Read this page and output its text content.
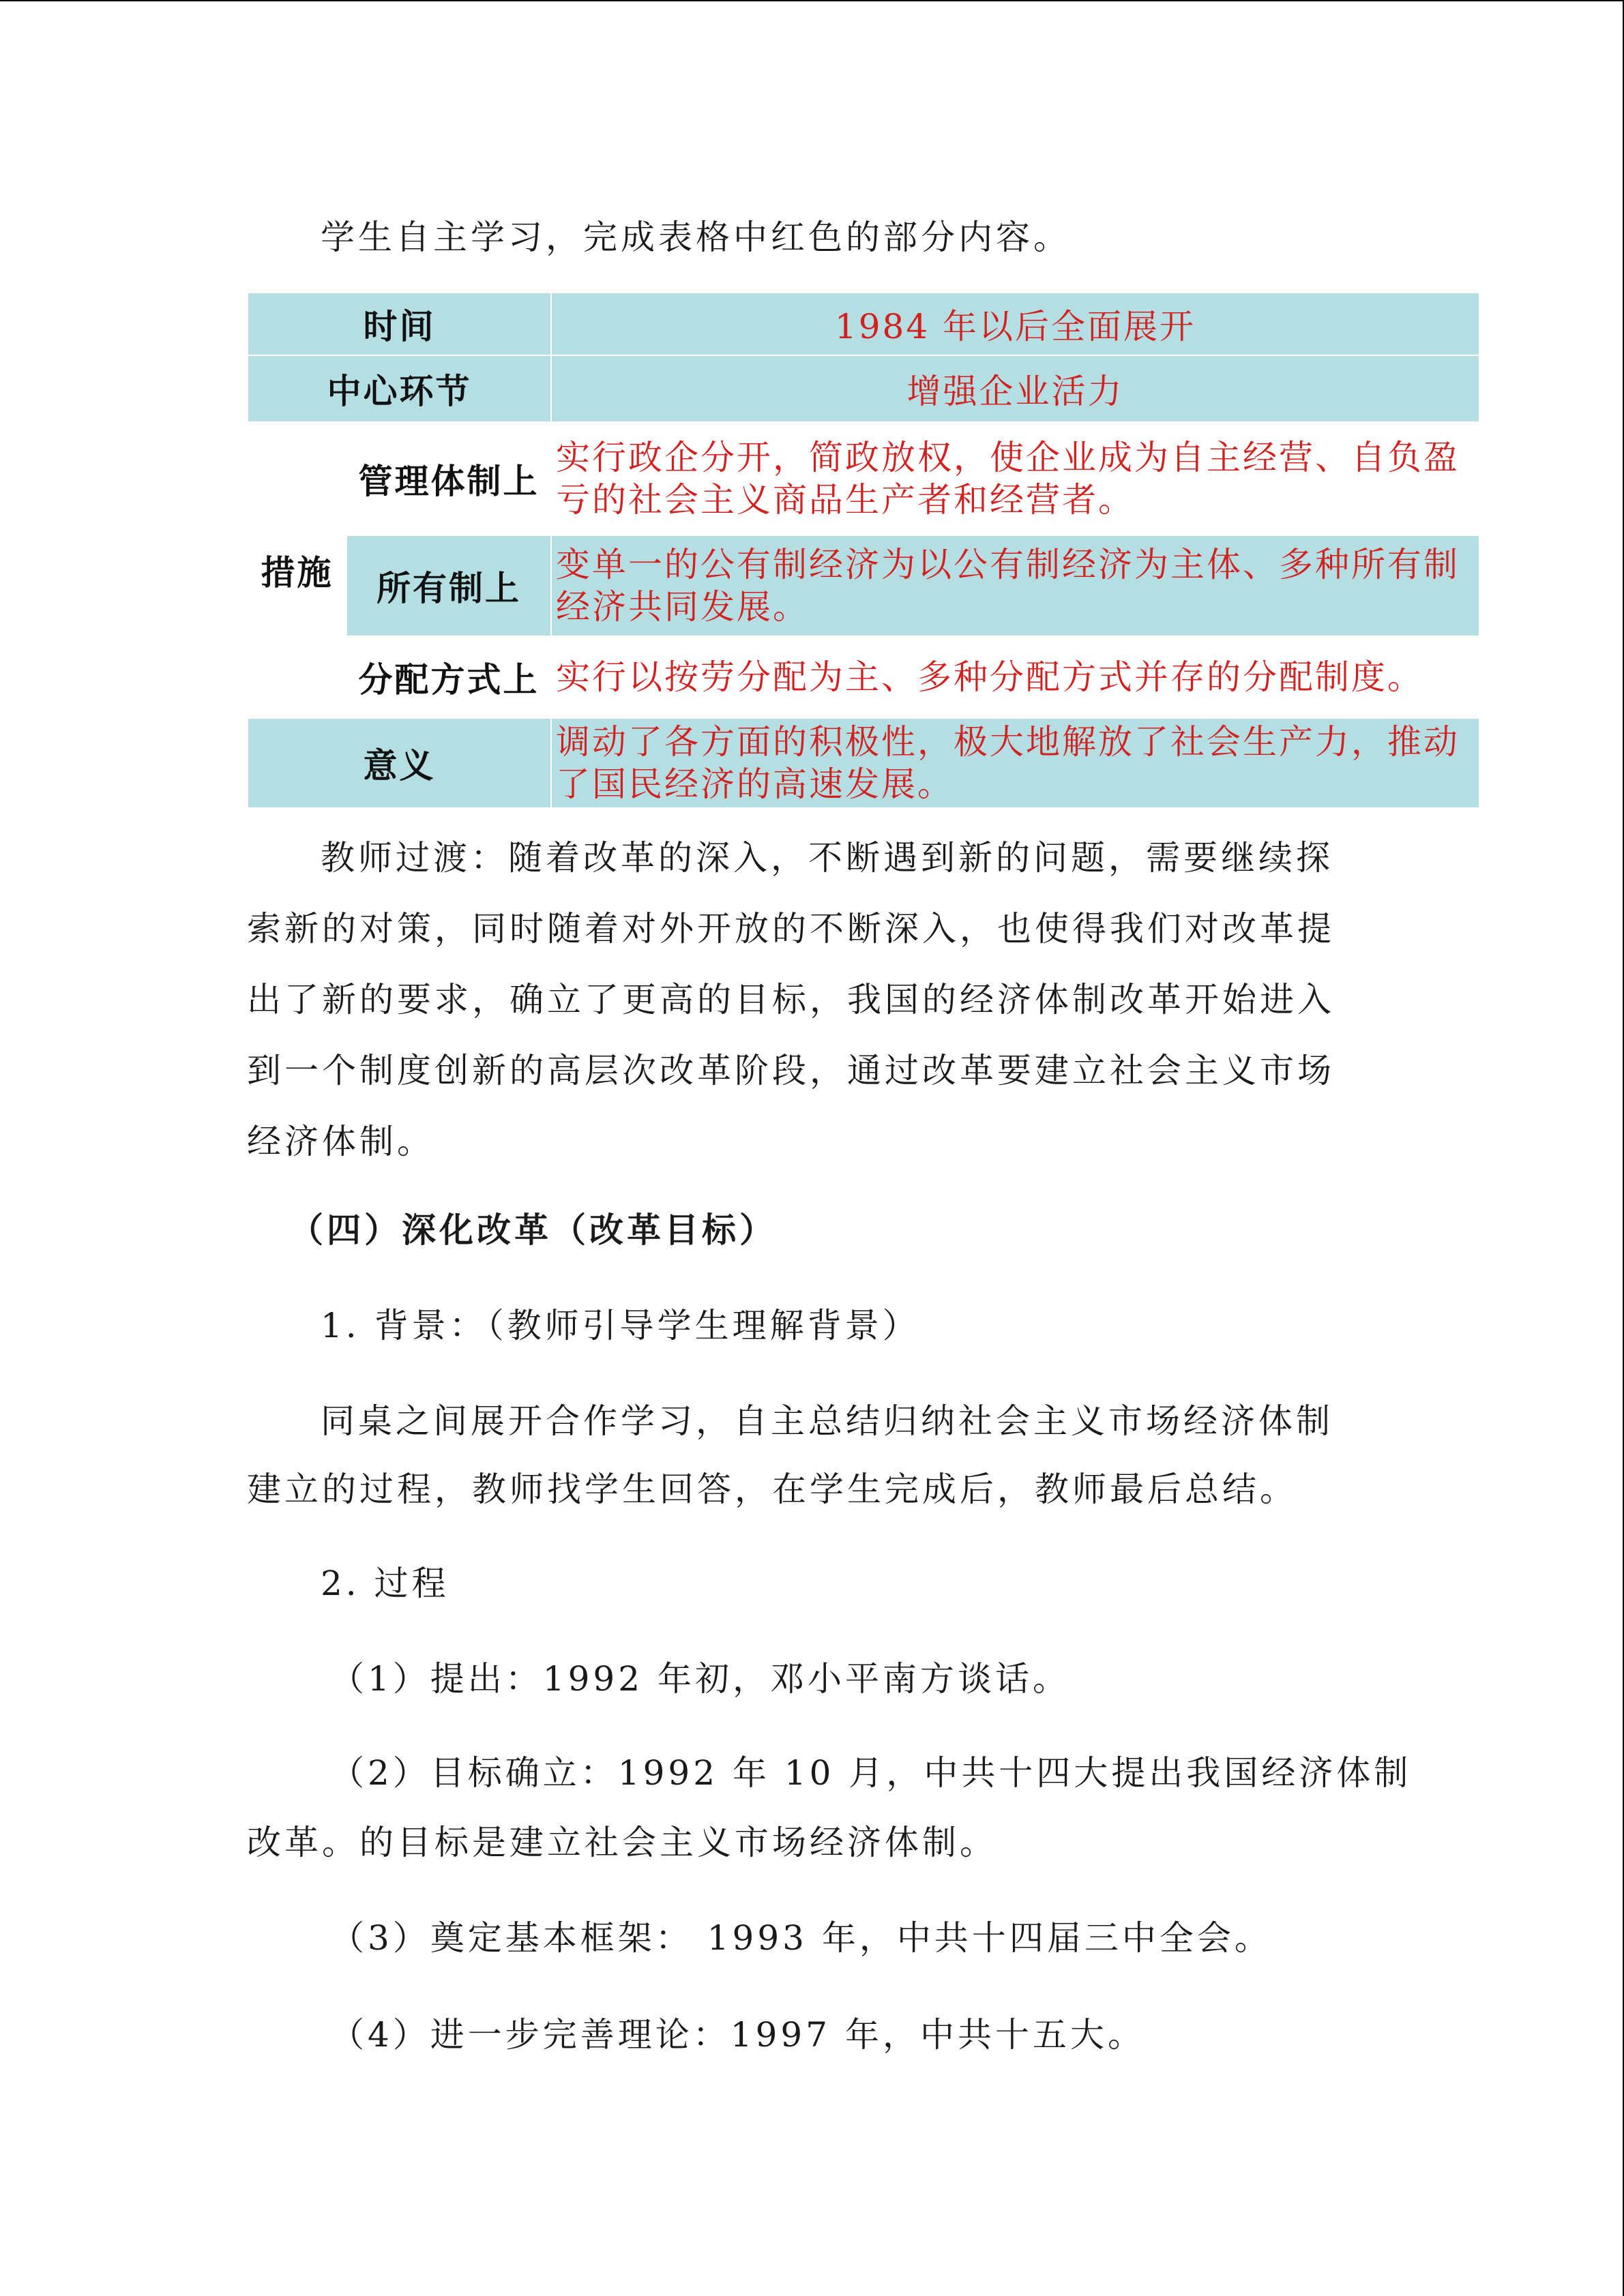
学生自主学习，完成表格中红色的部分内容。

时间		1984 年以后全面展开
中心环节		增强企业活力
措施	管理体制上	实行政企分开，简政放权，使企业成为自主经营、自负盈亏的社会主义商品生产者和经营者。
	所有制上	变单一的公有制经济为以公有制经济为主体、多种所有制经济共同发展。
	分配方式上	实行以按劳分配为主、多种分配方式并存的分配制度。
意义		调动了各方面的积极性，极大地解放了社会生产力，推动了国民经济的高速发展。

教师过渡：随着改革的深入，不断遇到新的问题，需要继续探

索新的对策，同时随着对外开放的不断深入，也使得我们对改革提

出了新的要求，确立了更高的目标，我国的经济体制改革开始进入

到一个制度创新的高层次改革阶段，通过改革要建立社会主义市场

经济体制。

（四）深化改革（改革目标）

1. 背景：（教师引导学生理解背景）

同桌之间展开合作学习，自主总结归纳社会主义市场经济体制

建立的过程，教师找学生回答，在学生完成后，教师最后总结。

2. 过程

（1）提出：1992 年初，邓小平南方谈话。

（2）目标确立：1992 年 10 月，中共十四大提出我国经济体制

改革。的目标是建立社会主义市场经济体制。

（3）奠定基本框架： 1993 年，中共十四届三中全会。

（4）进一步完善理论：1997 年，中共十五大。
